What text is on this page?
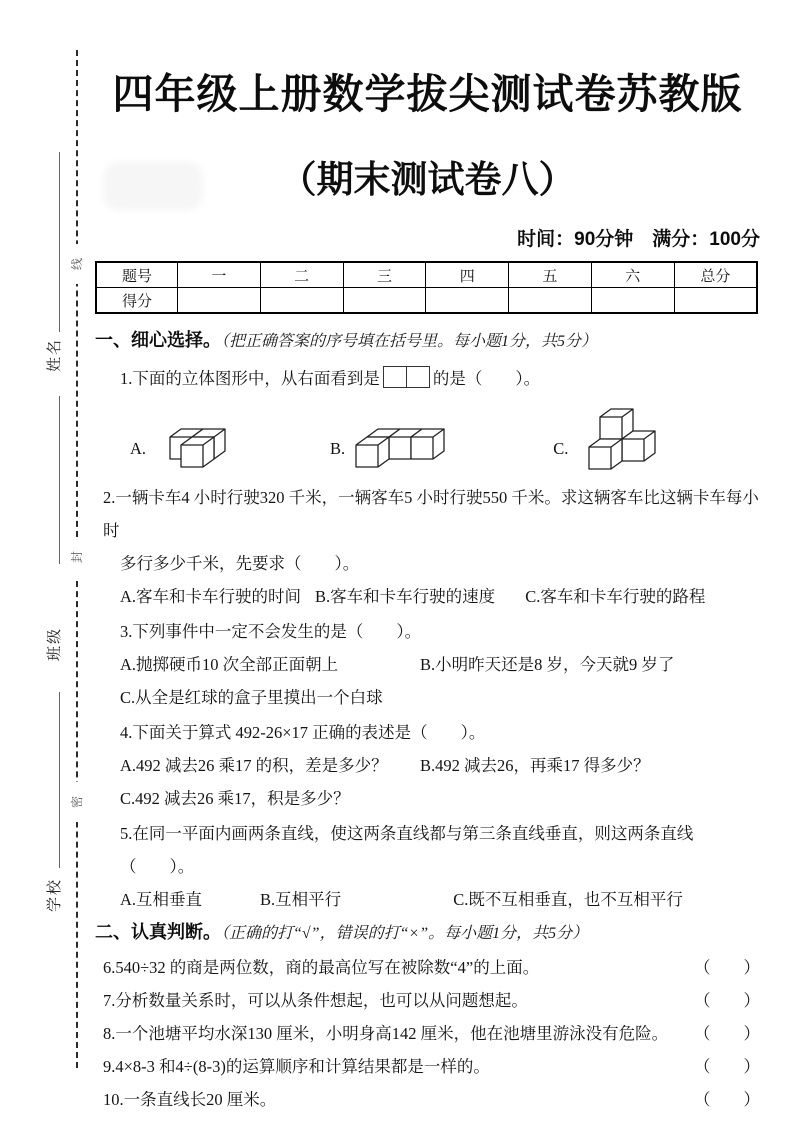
线
封
密
姓名
班级
学校
四年级上册数学拔尖测试卷苏教版
（期末测试卷八）
时间：90分钟　满分：100分
题号	一	二	三	四	五	六	总分
得分							
一、细心选择。（把正确答案的序号填在括号里。每小题1分，共5分）
1.下面的立体图形中，从右面看到是	的是（　　）。
A.	B.	C.
2.一辆卡车4 小时行驶320 千米，一辆客车5 小时行驶550 千米。求这辆客车比这辆卡车每小时
多行多少千米，先要求（　　）。
A.客车和卡车行驶的时间 B.客车和卡车行驶的速度 C.客车和卡车行驶的路程
3.下列事件中一定不会发生的是（　　）。
A.抛掷硬币10 次全部正面朝上	B.小明昨天还是8 岁，今天就9 岁了
C.从全是红球的盒子里摸出一个白球
4.下面关于算式 492-26×17 正确的表述是（　　）。
A.492 减去26 乘17 的积，差是多少？	B.492 减去26，再乘17 得多少？
C.492 减去26 乘17，积是多少？
5.在同一平面内画两条直线，使这两条直线都与第三条直线垂直，则这两条直线（　　）。
A.互相垂直	B.互相平行	C.既不互相垂直，也不互相平行
二、认真判断。（正确的打“√”，错误的打“×”。每小题1分，共5分）
6.540÷32 的商是两位数，商的最高位写在被除数“4”的上面。	（　　）
7.分析数量关系时，可以从条件想起，也可以从问题想起。	（　　）
8.一个池塘平均水深130 厘米，小明身高142 厘米，他在池塘里游泳没有危险。 （　　）
9.4×8-3 和4÷(8-3)的运算顺序和计算结果都是一样的。	（　　）
10.一条直线长20 厘米。	（　　）
